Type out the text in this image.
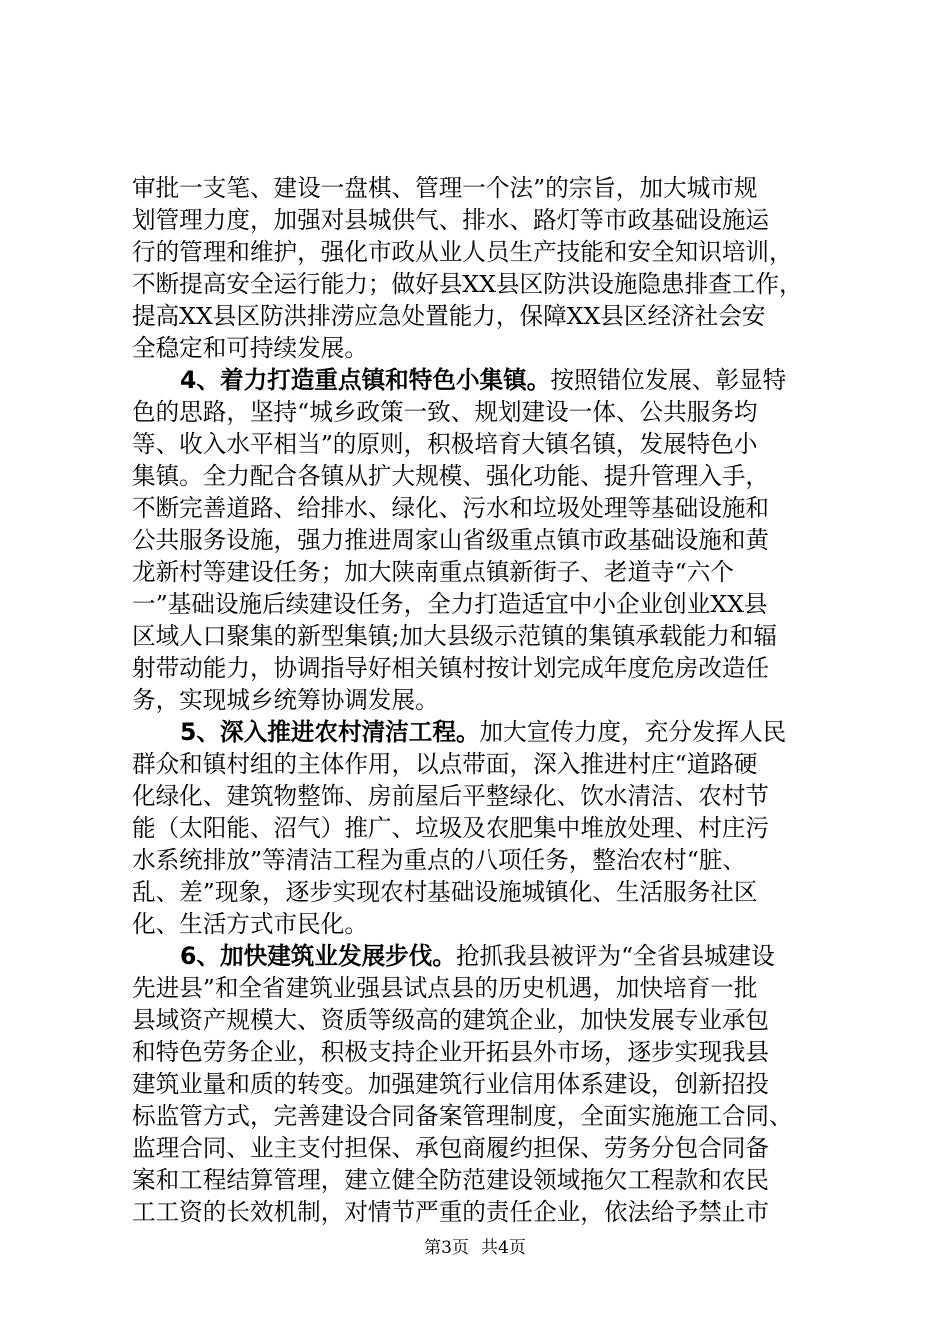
审批一支笔、建设一盘棋、管理一个法”的宗旨，加大城市规
划管理力度，加强对县城供气、排水、路灯等市政基础设施运
行的管理和维护，强化市政从业人员生产技能和安全知识培训，
不断提高安全运行能力；做好县XX县区防洪设施隐患排查工作，
提高XX县区防洪排涝应急处置能力，保障XX县区经济社会安
全稳定和可持续发展。
4、着力打造重点镇和特色小集镇。按照错位发展、彰显特
色的思路，坚持“城乡政策一致、规划建设一体、公共服务均
等、收入水平相当”的原则，积极培育大镇名镇，发展特色小
集镇。全力配合各镇从扩大规模、强化功能、提升管理入手，
不断完善道路、给排水、绿化、污水和垃圾处理等基础设施和
公共服务设施，强力推进周家山省级重点镇市政基础设施和黄
龙新村等建设任务；加大陕南重点镇新街子、老道寺“六个
一”基础设施后续建设任务，全力打造适宜中小企业创业XX县
区域人口聚集的新型集镇;加大县级示范镇的集镇承载能力和辐
射带动能力，协调指导好相关镇村按计划完成年度危房改造任
务，实现城乡统筹协调发展。
5、深入推进农村清洁工程。加大宣传力度，充分发挥人民
群众和镇村组的主体作用，以点带面，深入推进村庄“道路硬
化绿化、建筑物整饰、房前屋后平整绿化、饮水清洁、农村节
能（太阳能、沼气）推广、垃圾及农肥集中堆放处理、村庄污
水系统排放”等清洁工程为重点的八项任务，整治农村“脏、
乱、差”现象，逐步实现农村基础设施城镇化、生活服务社区
化、生活方式市民化。
6、加快建筑业发展步伐。抢抓我县被评为“全省县城建设
先进县”和全省建筑业强县试点县的历史机遇，加快培育一批
县域资产规模大、资质等级高的建筑企业，加快发展专业承包
和特色劳务企业，积极支持企业开拓县外市场，逐步实现我县
建筑业量和质的转变。加强建筑行业信用体系建设，创新招投
标监管方式，完善建设合同备案管理制度，全面实施施工合同、
监理合同、业主支付担保、承包商履约担保、劳务分包合同备
案和工程结算管理，建立健全防范建设领域拖欠工程款和农民
工工资的长效机制，对情节严重的责任企业，依法给予禁止市
第3页 共4页
